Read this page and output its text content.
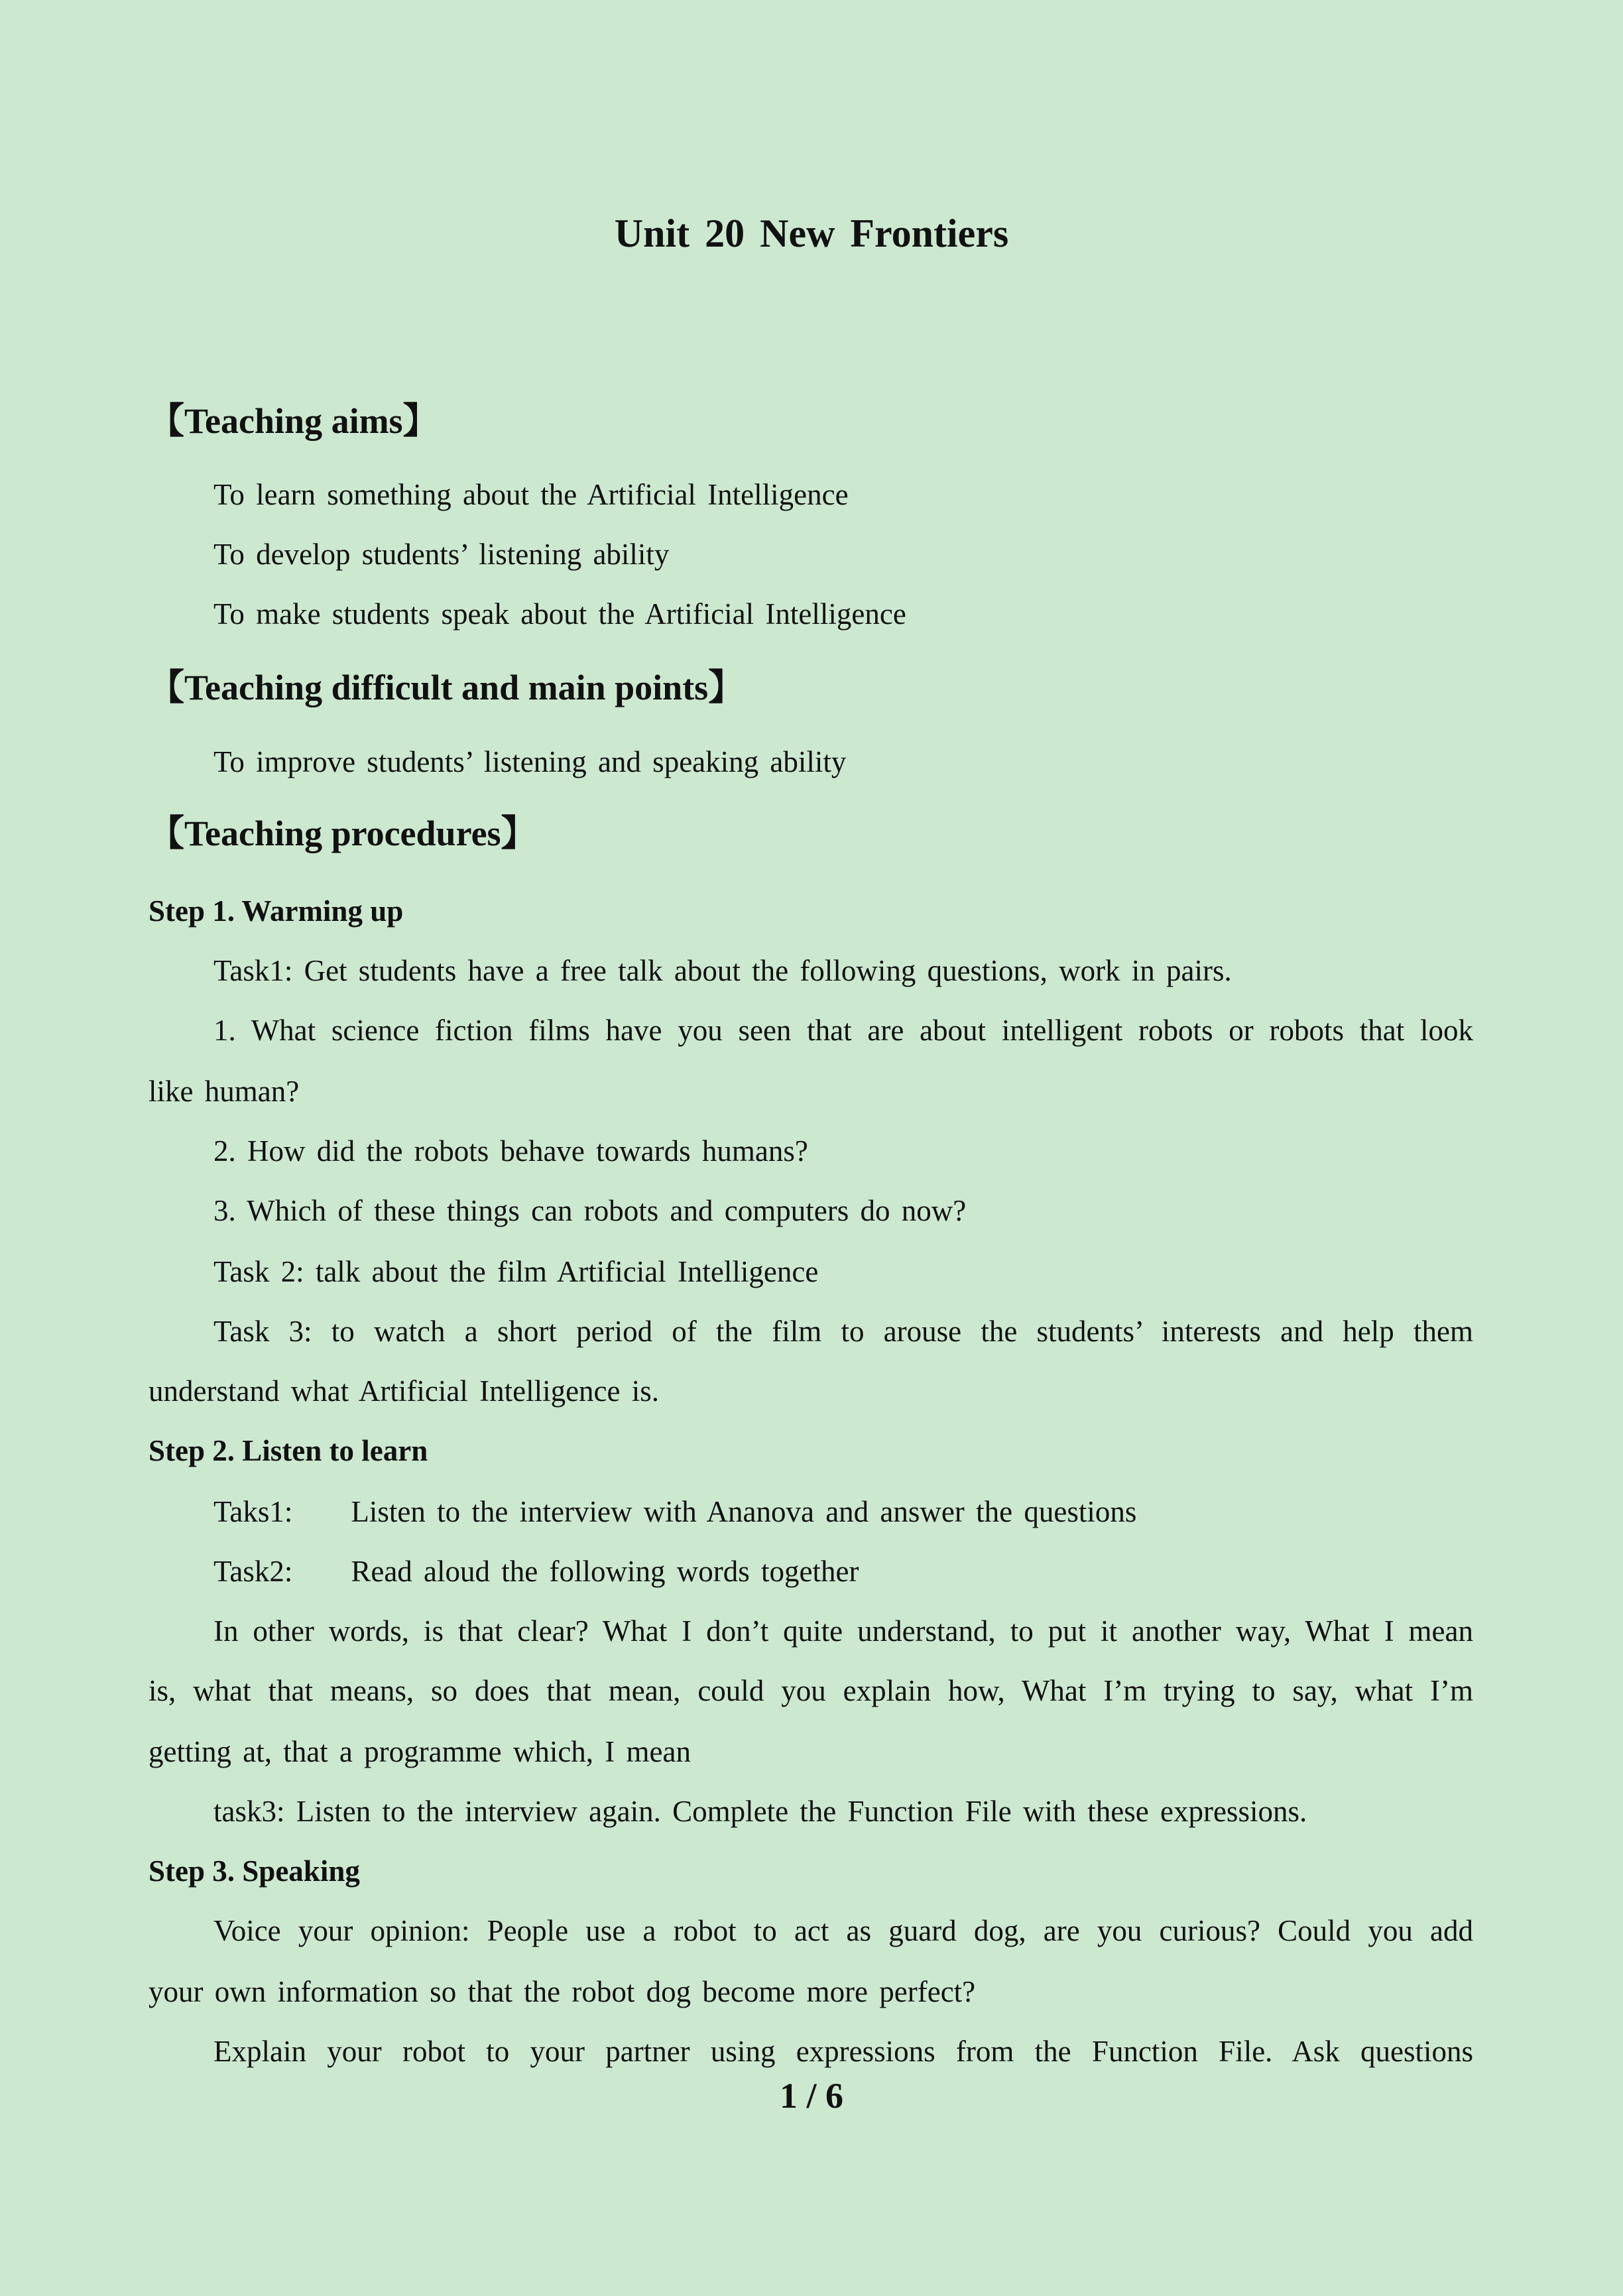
Unit 20 New Frontiers
【Teaching aims】
To learn something about the Artificial Intelligence
To develop students’ listening ability
To make students speak about the Artificial Intelligence
【Teaching difficult and main points】
To improve students’ listening and speaking ability
【Teaching procedures】
Step 1. Warming up
Task1: Get students have a free talk about the following questions, work in pairs.
1. What science fiction films have you seen that are about intelligent robots or robots that look
like human?
2. How did the robots behave towards humans?
3. Which of these things can robots and computers do now?
Task 2: talk about the film Artificial Intelligence
Task 3: to watch a short period of the film to arouse the students’ interests and help them
understand what Artificial Intelligence is.
Step 2. Listen to learn
Taks1: Listen to the interview with Ananova and answer the questions
Task2: Read aloud the following words together
In other words, is that clear? What I don’t quite understand, to put it another way, What I mean
is, what that means, so does that mean, could you explain how, What I’m trying to say, what I’m
getting at, that a programme which, I mean
task3: Listen to the interview again. Complete the Function File with these expressions.
Step 3. Speaking
Voice your opinion: People use a robot to act as guard dog, are you curious? Could you add
your own information so that the robot dog become more perfect?
Explain your robot to your partner using expressions from the Function File. Ask questions
1 / 6
